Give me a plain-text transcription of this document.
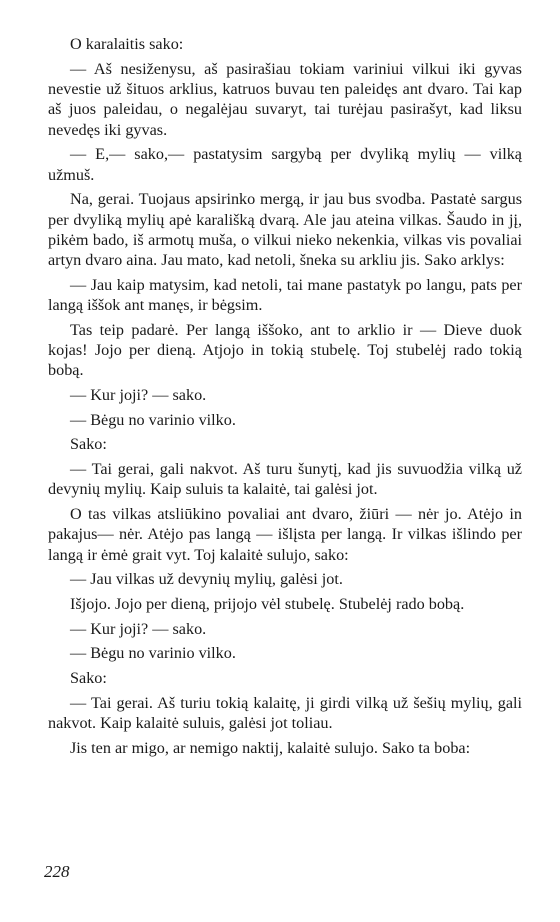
O karalaitis sako:

— Aš nesiženysu, aš pasirašiau tokiam variniui vilkui iki gyvas nevestie už šituos arklius, katruos buvau ten paleidęs ant dvaro. Tai kap aš juos paleidau, o negalėjau suvaryt, tai turėjau pasirašyt, kad liksu nevedęs iki gyvas.

— E,— sako,— pastatysim sargybą per dvyliką mylių — vilką užmuš.

Na, gerai. Tuojaus apsirinko mergą, ir jau bus svodba. Pastatė sargus per dvyliką mylių apė karališką dvarą. Ale jau ateina vilkas. Šaudo in jį, pikėm bado, iš armotų muša, o vilkui nieko nekenkia, vilkas vis povaliai artyn dvaro aina. Jau mato, kad netoli, šneka su arkliu jis. Sako arklys:

— Jau kaip matysim, kad netoli, tai mane pastatyk po langu, pats per langą iššok ant manęs, ir bėgsim.

Tas teip padarė. Per langą iššoko, ant to arklio ir — Dieve duok kojas! Jojo per dieną. Atjojo in tokią stubelę. Toj stubelėj rado tokią bobą.

— Kur joji? — sako.

— Bėgu no varinio vilko.

Sako:

— Tai gerai, gali nakvot. Aš turu šunytį, kad jis suvuodžia vilką už devynių mylių. Kaip suluis ta kalaitė, tai galėsi jot.

O tas vilkas atsliūkino povaliai ant dvaro, žiūri — nėr jo. Atėjo in pakajus— nėr. Atėjo pas langą — išlįsta per langą. Ir vilkas išlindo per langą ir ėmė grait vyt. Toj kalaitė sulujo, sako:

— Jau vilkas už devynių mylių, galėsi jot.

Išjojo. Jojo per dieną, prijojo vėl stubelę. Stubelėj rado bobą.

— Kur joji? — sako.

— Bėgu no varinio vilko.

Sako:

— Tai gerai. Aš turiu tokią kalaitę, ji girdi vilką už šešių mylių, gali nakvot. Kaip kalaitė suluis, galėsi jot toliau.

Jis ten ar migo, ar nemigo naktij, kalaitė sulujo. Sako ta boba:

228
